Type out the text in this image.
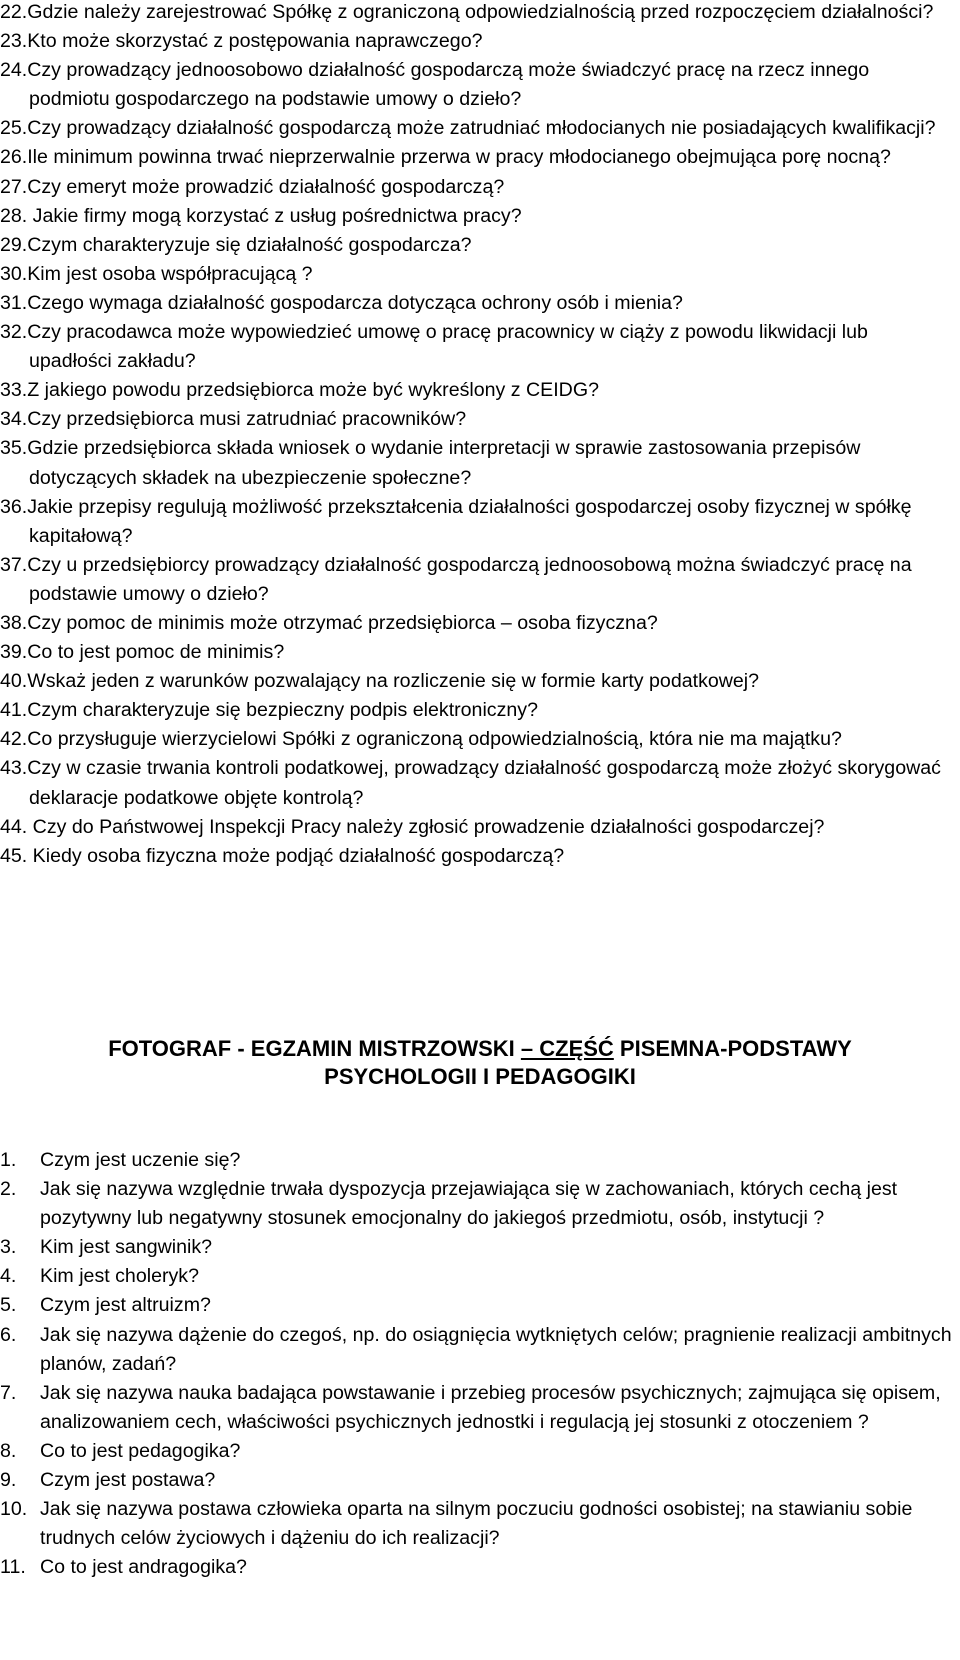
22.Gdzie należy zarejestrować Spółkę z ograniczoną odpowiedzialnością przed rozpoczęciem działalności?
23.Kto może skorzystać z postępowania naprawczego?
24.Czy prowadzący jednoosobowo działalność gospodarczą może świadczyć pracę na rzecz innego podmiotu gospodarczego na podstawie umowy o dzieło?
25.Czy prowadzący działalność gospodarczą może zatrudniać młodocianych nie posiadających kwalifikacji?
26.Ile minimum powinna trwać nieprzerwalnie przerwa w pracy młodocianego obejmująca porę nocną?
27.Czy emeryt może prowadzić działalność gospodarczą?
28. Jakie firmy mogą korzystać z usług pośrednictwa pracy?
29.Czym charakteryzuje się działalność gospodarcza?
30.Kim jest osoba współpracującą ?
31.Czego wymaga działalność gospodarcza dotycząca ochrony osób i mienia?
32.Czy pracodawca może wypowiedzieć umowę o pracę pracownicy w ciąży z powodu likwidacji lub upadłości zakładu?
33.Z jakiego powodu przedsiębiorca może być wykreślony z CEIDG?
34.Czy przedsiębiorca musi zatrudniać pracowników?
35.Gdzie przedsiębiorca składa wniosek o wydanie interpretacji w sprawie zastosowania przepisów dotyczących składek na ubezpieczenie społeczne?
36.Jakie przepisy regulują możliwość przekształcenia działalności gospodarczej osoby fizycznej w spółkę kapitałową?
37.Czy u przedsiębiorcy prowadzący działalność gospodarczą jednoosobową można świadczyć pracę na podstawie umowy o dzieło?
38.Czy pomoc de minimis może otrzymać przedsiębiorca – osoba fizyczna?
39.Co to jest pomoc de minimis?
40.Wskaż jeden z warunków pozwalający na rozliczenie się w formie karty podatkowej?
41.Czym charakteryzuje się bezpieczny podpis elektroniczny?
42.Co przysługuje wierzycielowi Spółki z ograniczoną odpowiedzialnością, która nie ma majątku?
43.Czy w czasie trwania kontroli podatkowej, prowadzący działalność gospodarczą może złożyć skorygować deklaracje podatkowe objęte kontrolą?
44. Czy do Państwowej Inspekcji Pracy należy zgłosić prowadzenie działalności gospodarczej?
45. Kiedy osoba fizyczna może podjąć działalność gospodarczą?
FOTOGRAF - EGZAMIN MISTRZOWSKI – CZĘŚĆ PISEMNA-PODSTAWY
PSYCHOLOGII I PEDAGOGIKI
1. Czym jest uczenie się?
2. Jak się nazywa względnie trwała dyspozycja przejawiająca się w zachowaniach, których cechą jest pozytywny lub negatywny stosunek emocjonalny do jakiegoś przedmiotu, osób, instytucji ?
3. Kim jest sangwinik?
4. Kim jest choleryk?
5. Czym jest altruizm?
6. Jak się nazywa dążenie do czegoś, np. do osiągnięcia wytkniętych celów; pragnienie realizacji ambitnych planów, zadań?
7. Jak się nazywa nauka badająca powstawanie i przebieg procesów psychicznych; zajmująca się opisem, analizowaniem cech, właściwości psychicznych jednostki i regulacją jej stosunki z otoczeniem ?
8. Co to jest pedagogika?
9. Czym jest postawa?
10. Jak się nazywa postawa człowieka oparta na silnym poczuciu godności osobistej; na stawianiu sobie trudnych celów życiowych i dążeniu do ich realizacji?
11. Co to jest andragogika?
